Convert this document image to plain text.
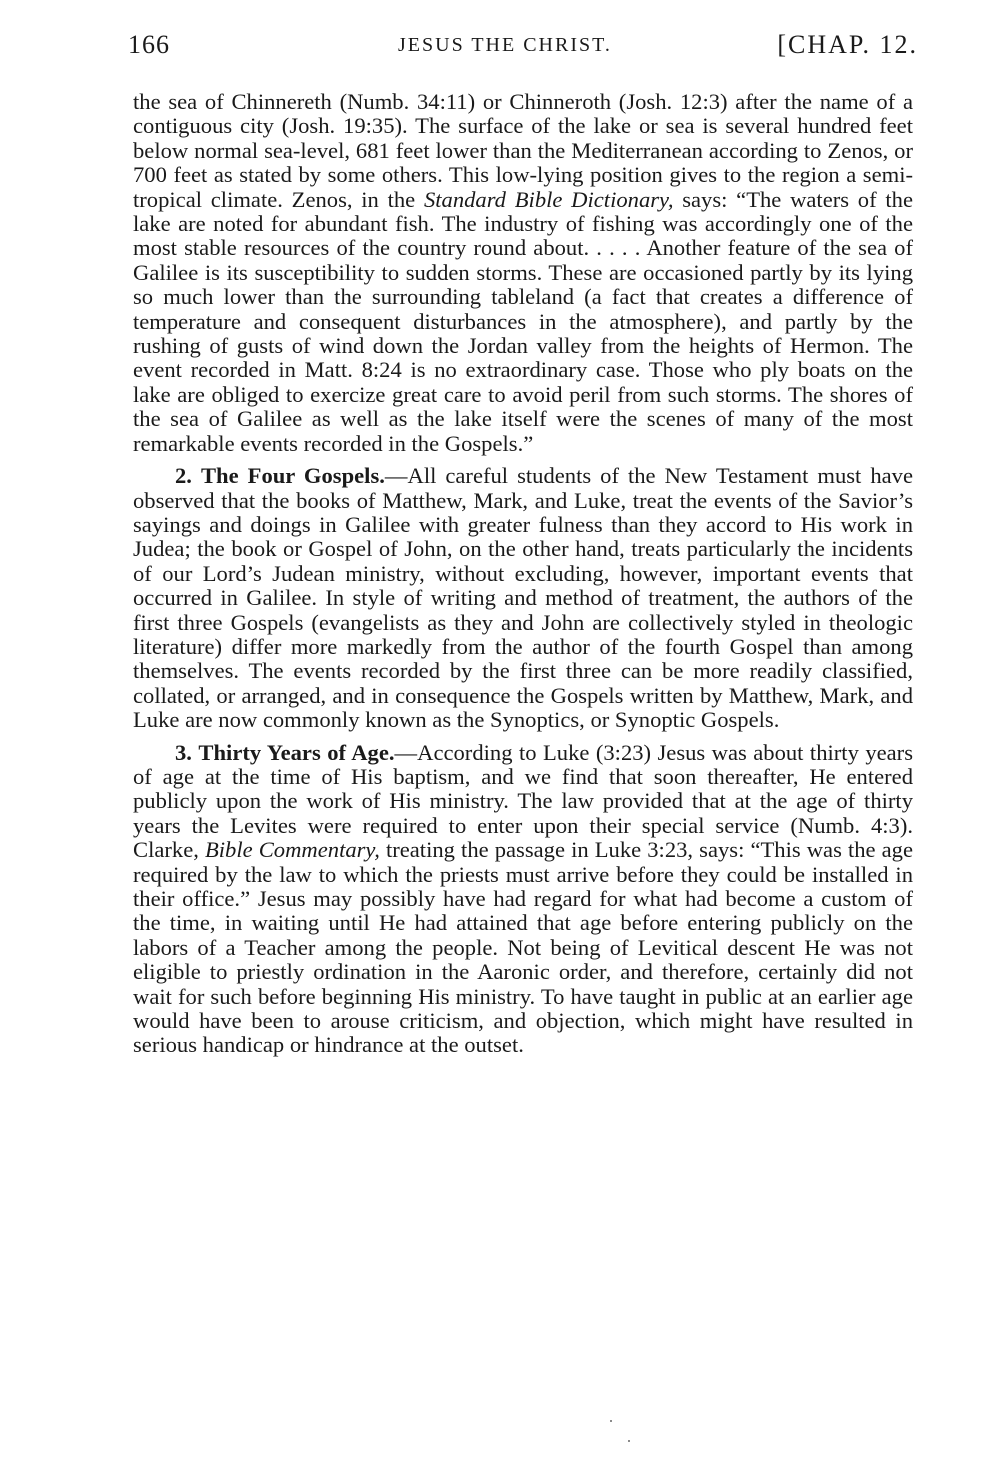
166	JESUS THE CHRIST.	[CHAP. 12.

the sea of Chinnereth (Numb. 34:11) or Chinneroth (Josh. 12:3) after the name of a contiguous city (Josh. 19:35). The surface of the lake or sea is several hundred feet below normal sea-level, 681 feet lower than the Mediterranean according to Zenos, or 700 feet as stated by some others. This low-lying position gives to the region a semi-tropical climate. Zenos, in the Standard Bible Dictionary, says: “The waters of the lake are noted for abundant fish. The industry of fishing was accordingly one of the most stable resources of the country round about. . . . . Another feature of the sea of Galilee is its susceptibility to sudden storms. These are occasioned partly by its lying so much lower than the surrounding tableland (a fact that creates a difference of temperature and consequent disturbances in the atmosphere), and partly by the rushing of gusts of wind down the Jordan valley from the heights of Hermon. The event recorded in Matt. 8:24 is no extraordinary case. Those who ply boats on the lake are obliged to exercize great care to avoid peril from such storms. The shores of the sea of Galilee as well as the lake itself were the scenes of many of the most remarkable events recorded in the Gospels.”

2. The Four Gospels.—All careful students of the New Testament must have observed that the books of Matthew, Mark, and Luke, treat the events of the Savior’s sayings and doings in Galilee with greater fulness than they accord to His work in Judea; the book or Gospel of John, on the other hand, treats particularly the incidents of our Lord’s Judean ministry, without excluding, however, important events that occurred in Galilee. In style of writing and method of treatment, the authors of the first three Gospels (evangelists as they and John are collectively styled in theologic literature) differ more markedly from the author of the fourth Gospel than among themselves. The events recorded by the first three can be more readily classified, collated, or arranged, and in consequence the Gospels written by Matthew, Mark, and Luke are now commonly known as the Synoptics, or Synoptic Gospels.

3. Thirty Years of Age.—According to Luke (3:23) Jesus was about thirty years of age at the time of His baptism, and we find that soon thereafter, He entered publicly upon the work of His ministry. The law provided that at the age of thirty years the Levites were required to enter upon their special service (Numb. 4:3). Clarke, Bible Commentary, treating the passage in Luke 3:23, says: “This was the age required by the law to which the priests must arrive before they could be installed in their office.” Jesus may possibly have had regard for what had become a custom of the time, in waiting until He had attained that age before entering publicly on the labors of a Teacher among the people. Not being of Levitical descent He was not eligible to priestly ordination in the Aaronic order, and therefore, certainly did not wait for such before beginning His ministry. To have taught in public at an earlier age would have been to arouse criticism, and objection, which might have resulted in serious handicap or hindrance at the outset.
